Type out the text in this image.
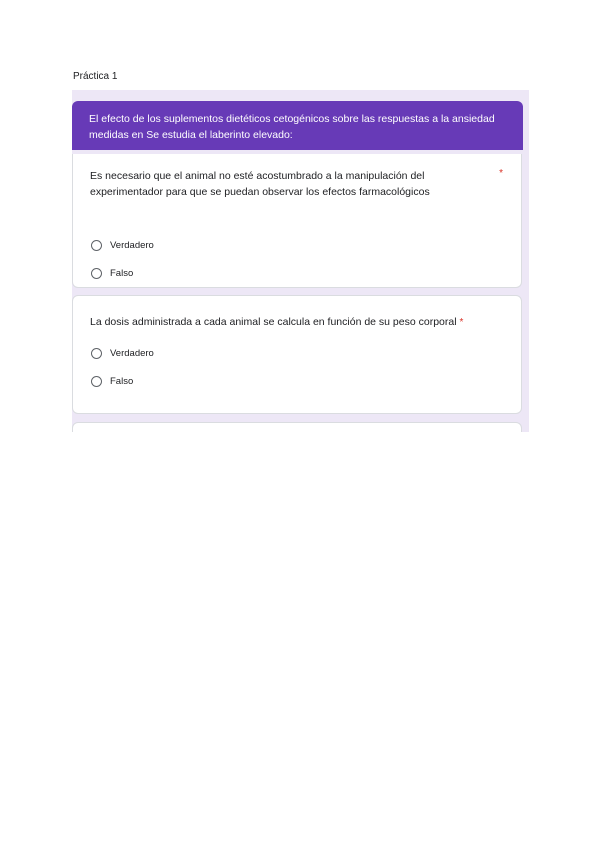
Práctica 1
El efecto de los suplementos dietéticos cetogénicos sobre las respuestas a la ansiedad medidas en Se estudia el laberinto elevado:
Es necesario que el animal no esté acostumbrado a la manipulación del experimentador para que se puedan observar los efectos farmacológicos
*
Verdadero
Falso
La dosis administrada a cada animal se calcula en función de su peso corporal *
Verdadero
Falso
